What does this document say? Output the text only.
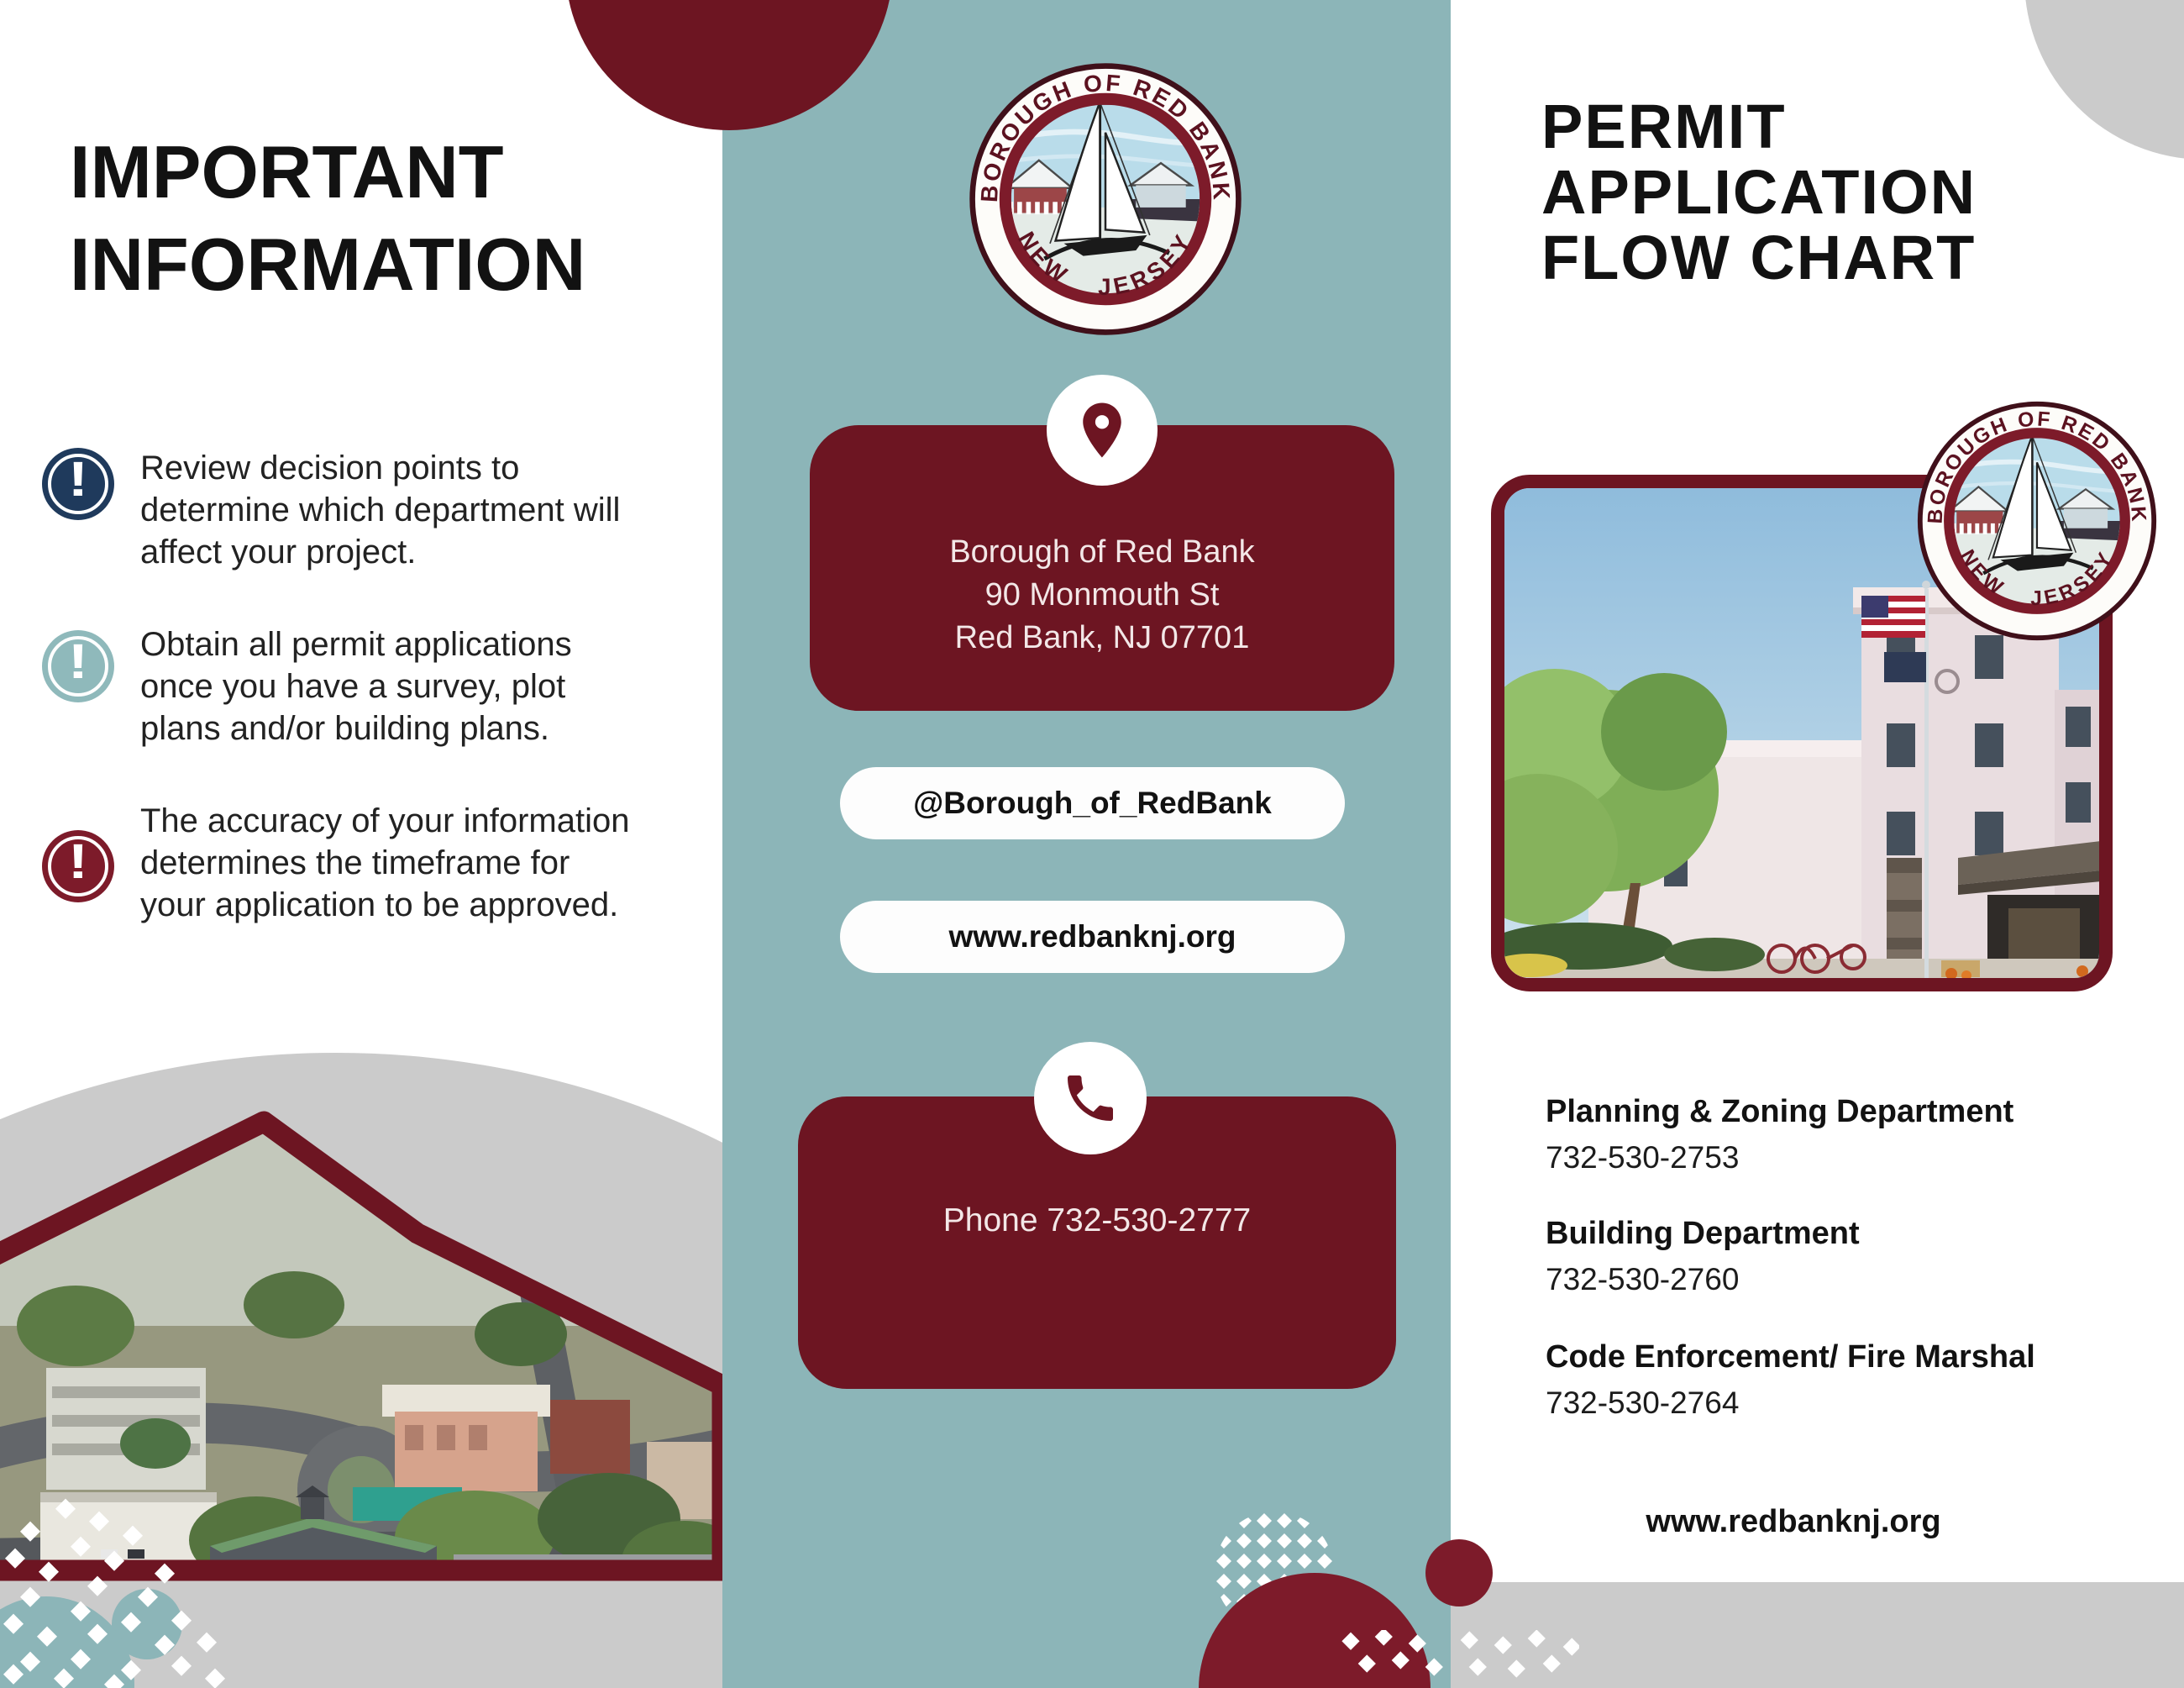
IMPORTANT
INFORMATION
!	Review decision points to determine which department will affect your project.
!	Obtain all permit applications once you have a survey, plot plans and/or building plans.
!
The accuracy of your information determines the timeframe for your application to be approved.
Borough of Red Bank
90 Monmouth St
Red Bank, NJ 07701
@Borough_of_RedBank
www.redbanknj.org
Phone 732-530-2777
PERMIT
APPLICATION
FLOW CHART
Planning & Zoning Department
732-530-2753
Building Department
732-530-2760
Code Enforcement/ Fire Marshal
732-530-2764
www.redbanknj.org
